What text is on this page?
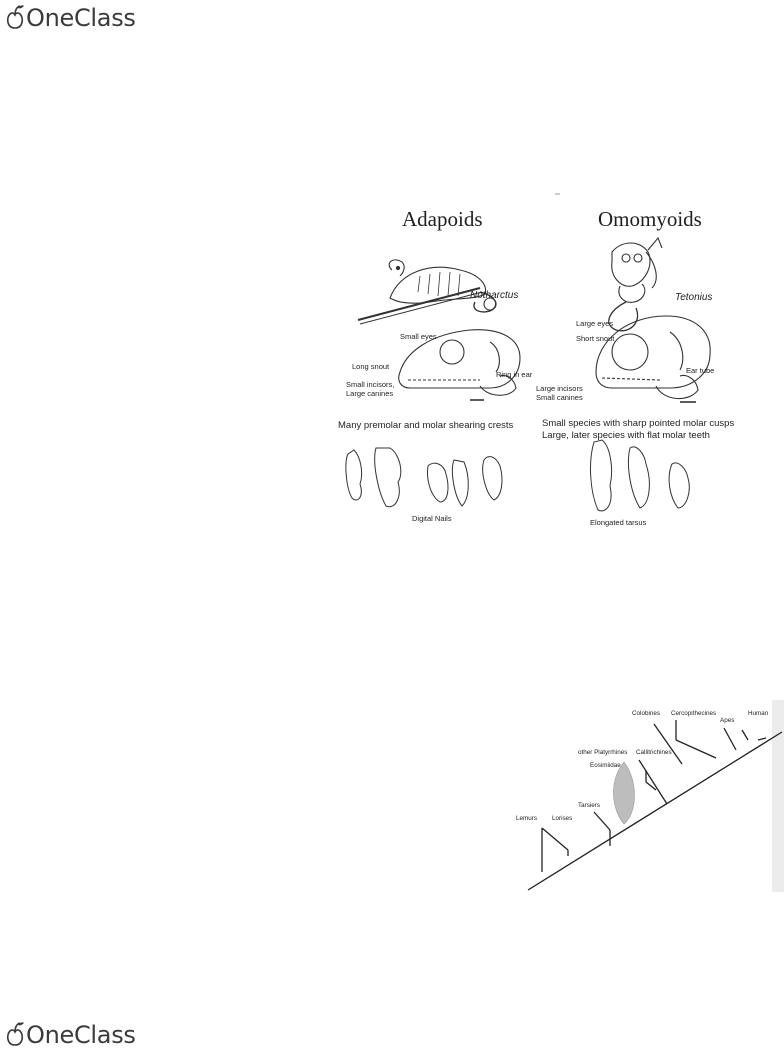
OneClass
Adapoids	Omomyoids
Notharctus	Tetonius
Small eyes
Long snout
Ring in ear
Small incisors,
Large canines
Large eyes
Short snout
Ear tube
Large incisors
Small canines
Many premolar and molar shearing crests	Small species with sharp pointed molar cusps
Large, later species with flat molar teeth
Digital Nails	Elongated tarsus
Lemurs Lorises
Tarsiers
Eosimiidae
other Platyrrhines Callitrichines
Colobines Cercopithecines
Apes
Human
OneClass
